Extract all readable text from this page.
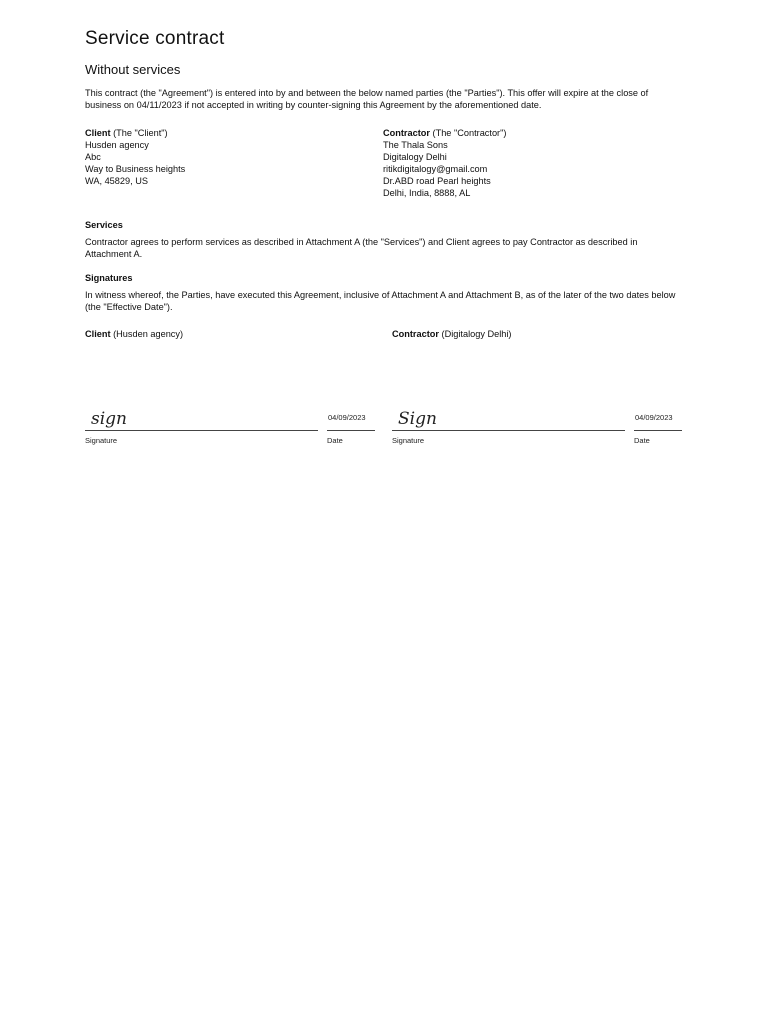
Service contract
Without services
This contract (the "Agreement") is entered into by and between the below named parties (the "Parties"). This offer will expire at the close of business on 04/11/2023 if not accepted in writing by counter-signing this Agreement by the aforementioned date.
Client (The "Client")
Husden agency
Abc
Way to Business heights
WA, 45829, US
Contractor (The "Contractor")
The Thala Sons
Digitalogy Delhi
ritikdigitalogy@gmail.com
Dr.ABD road Pearl heights
Delhi, India, 8888, AL
Services
Contractor agrees to perform services as described in Attachment A (the "Services") and Client agrees to pay Contractor as described in Attachment A.
Signatures
In witness whereof, the Parties, have executed this Agreement, inclusive of Attachment A and Attachment B, as of the later of the two dates below (the "Effective Date").
Client (Husden agency)	Contractor (Digitalogy Delhi)
sign
Signature
04/09/2023
Date
Sign
Signature
04/09/2023
Date
